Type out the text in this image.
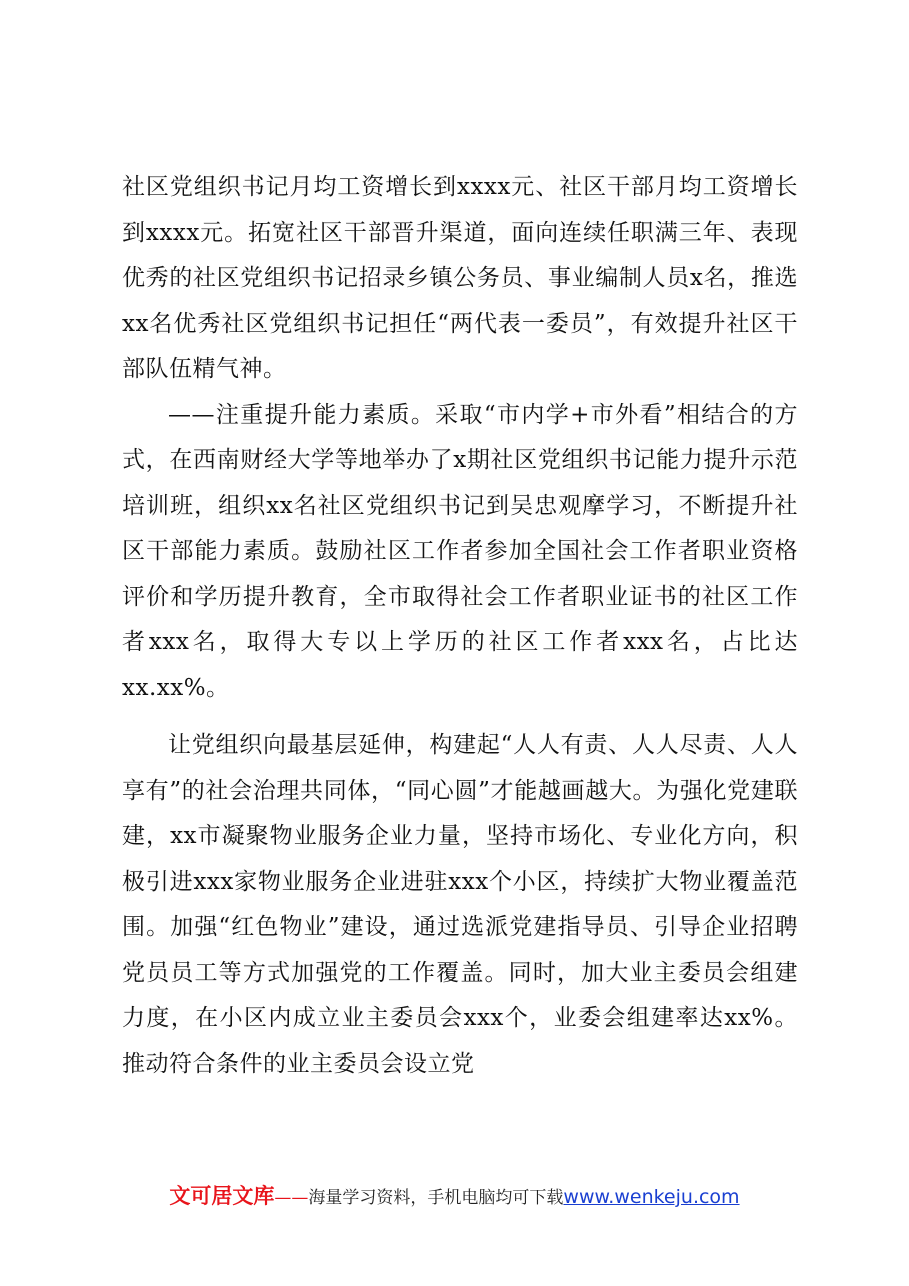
社区党组织书记月均工资增长到xxxx元、社区干部月均工资增长到xxxx元。拓宽社区干部晋升渠道，面向连续任职满三年、表现优秀的社区党组织书记招录乡镇公务员、事业编制人员x名，推选xx名优秀社区党组织书记担任“两代表一委员”，有效提升社区干部队伍精气神。

——注重提升能力素质。采取“市内学+市外看”相结合的方式，在西南财经大学等地举办了x期社区党组织书记能力提升示范培训班，组织xx名社区党组织书记到吴忠观摩学习，不断提升社区干部能力素质。鼓励社区工作者参加全国社会工作者职业资格评价和学历提升教育，全市取得社会工作者职业证书的社区工作者xxx名，取得大专以上学历的社区工作者xxx名，占比达xx.xx%。

让党组织向最基层延伸，构建起“人人有责、人人尽责、人人享有”的社会治理共同体，“同心圆”才能越画越大。为强化党建联建，xx市凝聚物业服务企业力量，坚持市场化、专业化方向，积极引进xxx家物业服务企业进驻xxx个小区，持续扩大物业覆盖范围。加强“红色物业”建设，通过选派党建指导员、引导企业招聘党员员工等方式加强党的工作覆盖。同时，加大业主委员会组建力度，在小区内成立业主委员会xxx个，业委会组建率达xx%。推动符合条件的业主委员会设立党

文可居文库——海量学习资料，手机电脑均可下载www.wenkeju.com
